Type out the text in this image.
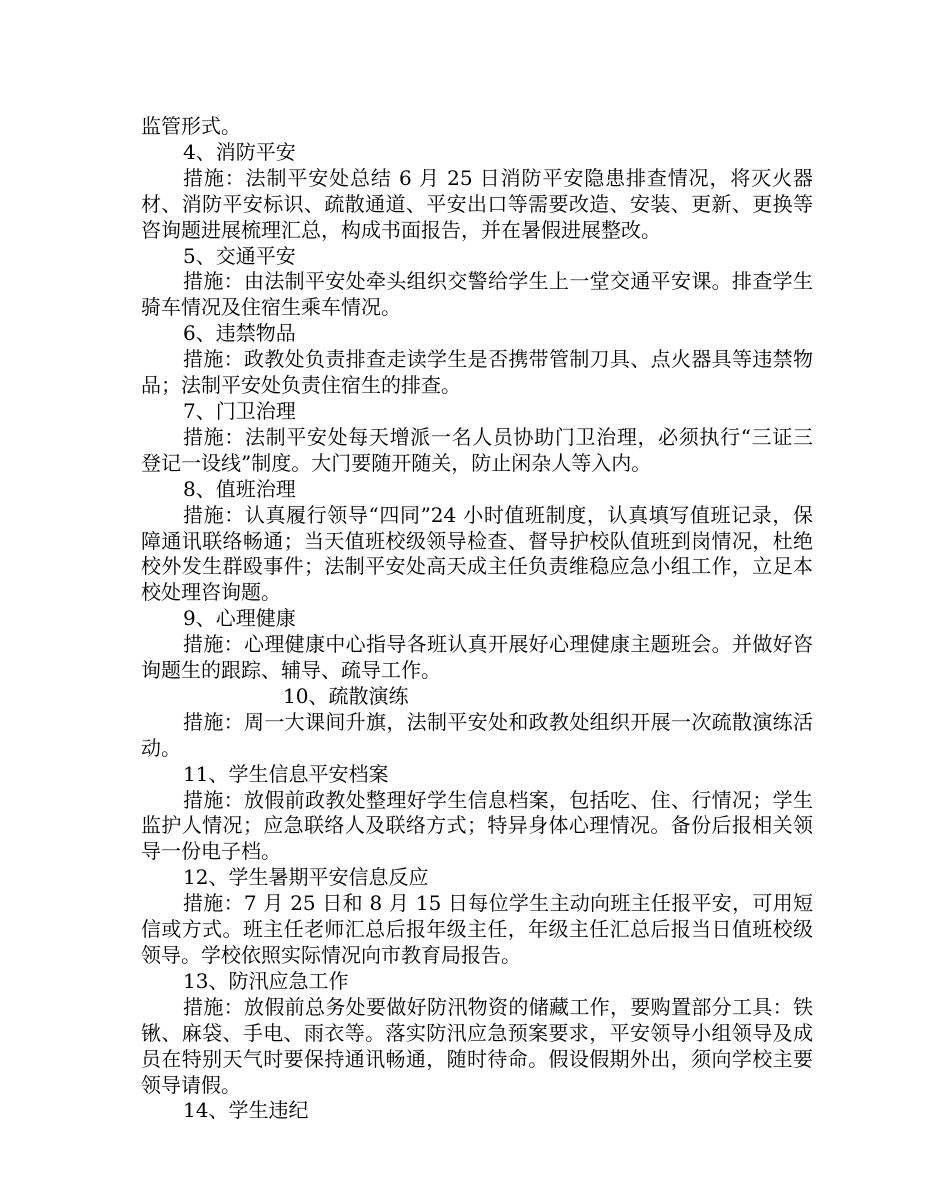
监管形式。

4、消防平安

措施：法制平安处总结 6 月 25 日消防平安隐患排查情况，将灭火器材、消防平安标识、疏散通道、平安出口等需要改造、安装、更新、更换等咨询题进展梳理汇总，构成书面报告，并在暑假进展整改。

5、交通平安

措施：由法制平安处牵头组织交警给学生上一堂交通平安课。排查学生骑车情况及住宿生乘车情况。

6、违禁物品

措施：政教处负责排查走读学生是否携带管制刀具、点火器具等违禁物品；法制平安处负责住宿生的排查。

7、门卫治理

措施：法制平安处每天增派一名人员协助门卫治理，必须执行“三证三登记一设线”制度。大门要随开随关，防止闲杂人等入内。

8、值班治理

措施：认真履行领导“四同”24 小时值班制度，认真填写值班记录，保障通讯联络畅通；当天值班校级领导检查、督导护校队值班到岗情况，杜绝校外发生群殴事件；法制平安处高天成主任负责维稳应急小组工作，立足本校处理咨询题。

9、心理健康

措施：心理健康中心指导各班认真开展好心理健康主题班会。并做好咨询题生的跟踪、辅导、疏导工作。

10、疏散演练

措施：周一大课间升旗，法制平安处和政教处组织开展一次疏散演练活动。

11、学生信息平安档案

措施：放假前政教处整理好学生信息档案，包括吃、住、行情况；学生监护人情况；应急联络人及联络方式；特异身体心理情况。备份后报相关领导一份电子档。

12、学生暑期平安信息反应

措施：7 月 25 日和 8 月 15 日每位学生主动向班主任报平安，可用短信或方式。班主任老师汇总后报年级主任，年级主任汇总后报当日值班校级领导。学校依照实际情况向市教育局报告。

13、防汛应急工作

措施：放假前总务处要做好防汛物资的储藏工作，要购置部分工具：铁锹、麻袋、手电、雨衣等。落实防汛应急预案要求，平安领导小组领导及成员在特别天气时要保持通讯畅通，随时待命。假设假期外出，须向学校主要领导请假。

14、学生违纪
